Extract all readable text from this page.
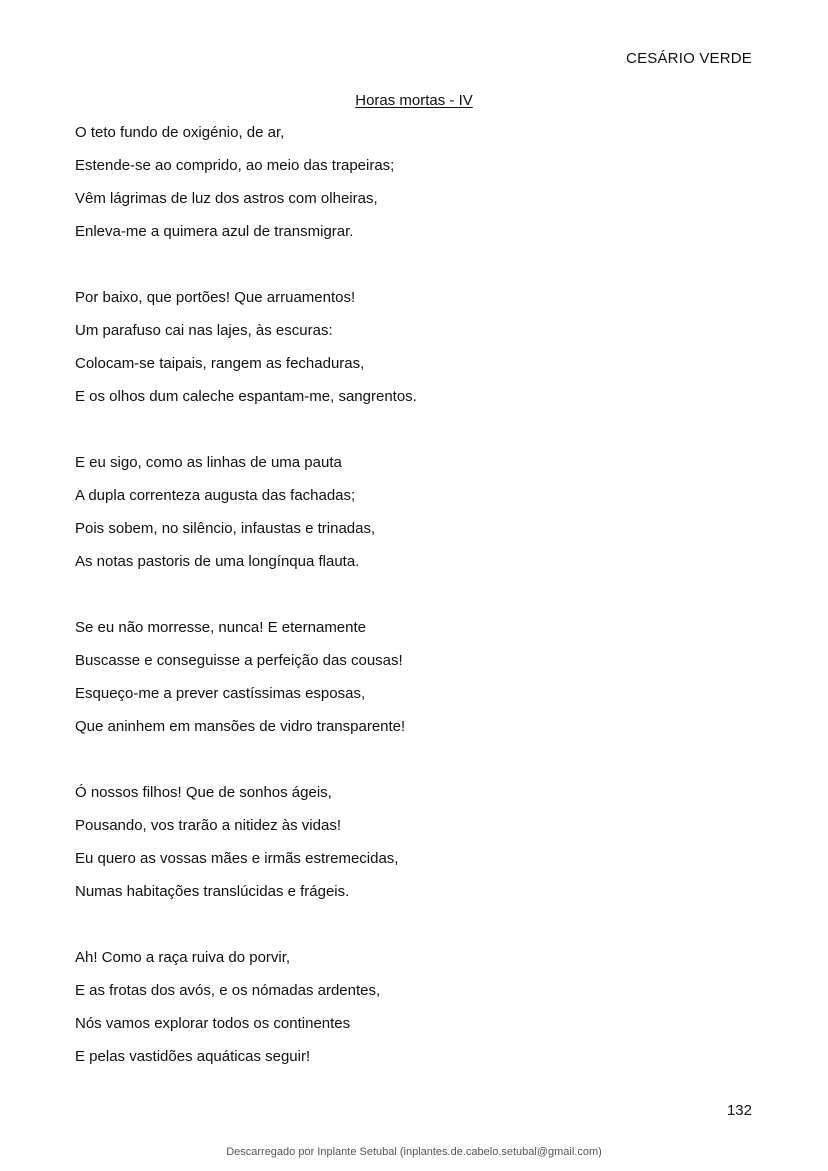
CESÁRIO VERDE
Horas mortas - IV
O teto fundo de oxigénio, de ar,
Estende-se ao comprido, ao meio das trapeiras;
Vêm lágrimas de luz dos astros com olheiras,
Enleva-me a quimera azul de transmigrar.
Por baixo, que portões! Que arruamentos!
Um parafuso cai nas lajes, às escuras:
Colocam-se taipais, rangem as fechaduras,
E os olhos dum caleche espantam-me, sangrentos.
E eu sigo, como as linhas de uma pauta
A dupla correnteza augusta das fachadas;
Pois sobem, no silêncio, infaustas e trinadas,
As notas pastoris de uma longínqua flauta.
Se eu não morresse, nunca! E eternamente
Buscasse e conseguisse a perfeição das cousas!
Esqueço-me a prever castíssimas esposas,
Que aninhem em mansões de vidro transparente!
Ó nossos filhos! Que de sonhos ágeis,
Pousando, vos trarão a nitidez às vidas!
Eu quero as vossas mães e irmãs estremecidas,
Numas habitações translúcidas e frágeis.
Ah! Como a raça ruiva do porvir,
E as frotas dos avós, e os nómadas ardentes,
Nós vamos explorar todos os continentes
E pelas vastidões aquáticas seguir!
132
Descarregado por Inplante Setubal (inplantes.de.cabelo.setubal@gmail.com)
